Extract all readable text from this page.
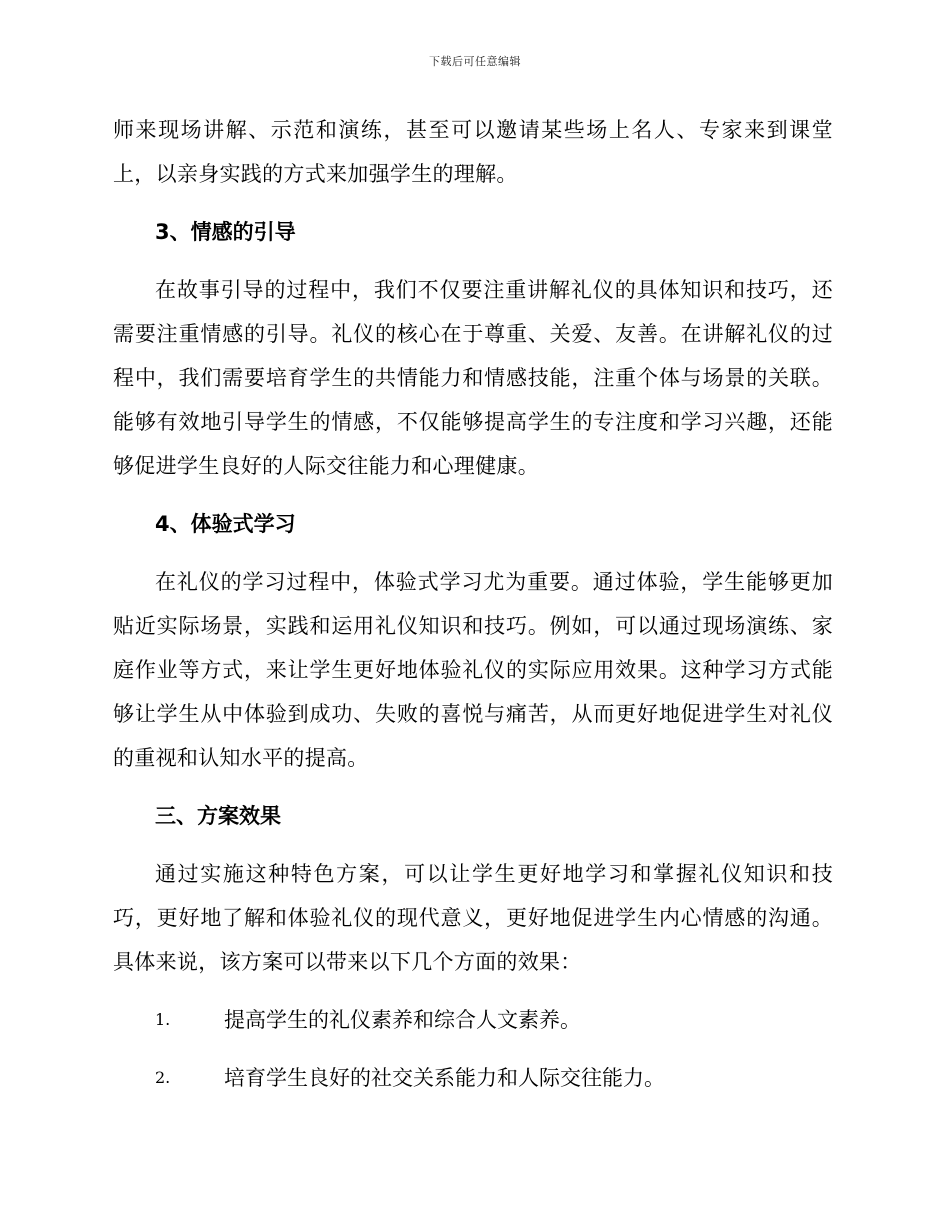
下载后可任意编辑

师来现场讲解、示范和演练，甚至可以邀请某些场上名人、专家来到课堂上，以亲身实践的方式来加强学生的理解。

3、情感的引导

在故事引导的过程中，我们不仅要注重讲解礼仪的具体知识和技巧，还需要注重情感的引导。礼仪的核心在于尊重、关爱、友善。在讲解礼仪的过程中，我们需要培育学生的共情能力和情感技能，注重个体与场景的关联。能够有效地引导学生的情感，不仅能够提高学生的专注度和学习兴趣，还能够促进学生良好的人际交往能力和心理健康。

4、体验式学习

在礼仪的学习过程中，体验式学习尤为重要。通过体验，学生能够更加贴近实际场景，实践和运用礼仪知识和技巧。例如，可以通过现场演练、家庭作业等方式，来让学生更好地体验礼仪的实际应用效果。这种学习方式能够让学生从中体验到成功、失败的喜悦与痛苦，从而更好地促进学生对礼仪的重视和认知水平的提高。

三、方案效果

通过实施这种特色方案，可以让学生更好地学习和掌握礼仪知识和技巧，更好地了解和体验礼仪的现代意义，更好地促进学生内心情感的沟通。具体来说，该方案可以带来以下几个方面的效果：

1.	提高学生的礼仪素养和综合人文素养。
2.	培育学生良好的社交关系能力和人际交往能力。
